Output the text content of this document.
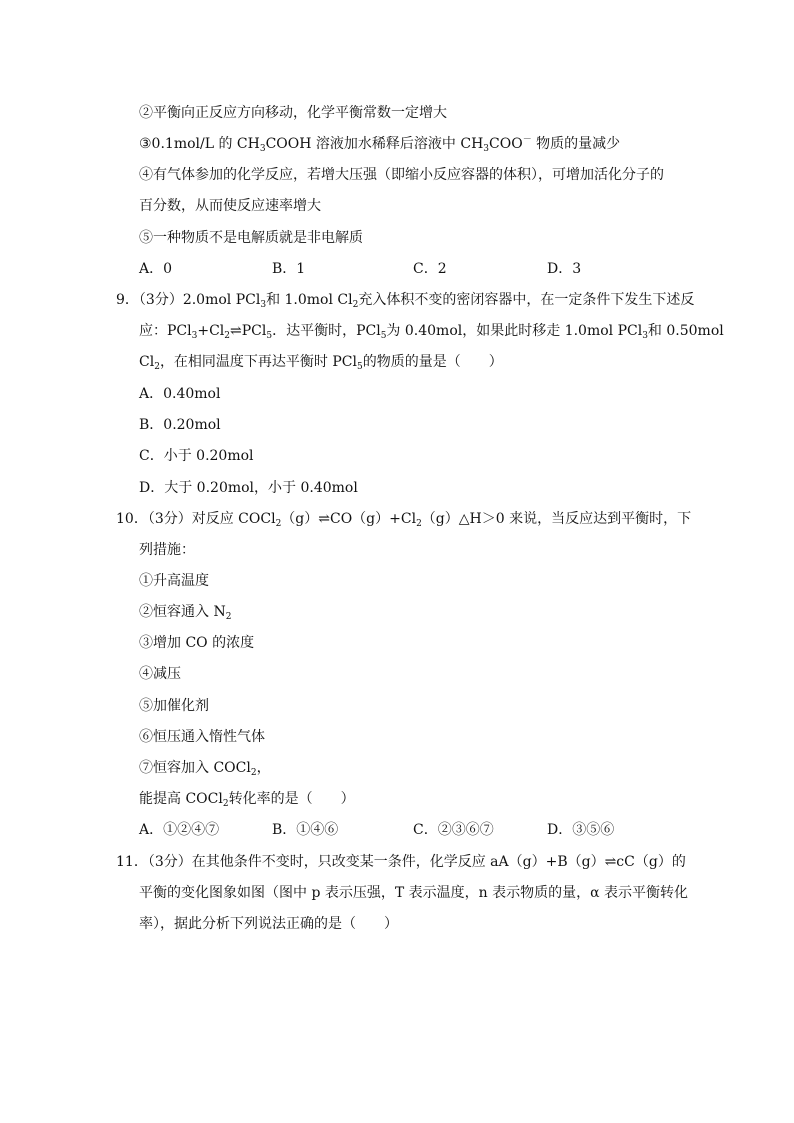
②平衡向正反应方向移动，化学平衡常数一定增大
③0.1mol/L 的 $CH_3COOH$ 溶液加水稀释后溶液中 $CH_3COO^-$ 物质的量减少
④有气体参加的化学反应，若增大压强（即缩小反应容器的体积），可增加活化分子的
百分数，从而使反应速率增大
⑤一种物质不是电解质就是非电解质
A．0	B．1	C．2	D．3
9．（3分）2.0mol PCl$_3$和 1.0mol $Cl_2$充入体积不变的密闭容器中，在一定条件下发生下述反
应：$PCl_3+Cl_2\rightleftharpoons PCl_5$．达平衡时，PCl$_5$为 0.40mol，如果此时移走 1.0mol PCl$_3$和 0.50mol
$Cl_2$，在相同温度下再达平衡时 PCl$_5$的物质的量是（　　）
A．0.40mol
B．0.20mol
C．小于 0.20mol
D．大于 0.20mol，小于 0.40mol
10．（3分）对反应 $COCl_2(g)\rightleftharpoons CO(g)+Cl_2(g)\triangle H>0$ 来说，当反应达到平衡时，下
列措施：
①升高温度
②恒容通入 $N_2$
③增加 CO 的浓度
④减压
⑤加催化剂
⑥恒压通入惰性气体
⑦恒容加入 COCl$_2$，
能提高 COCl$_2$转化率的是（　　）
A．①②④⑦	B．①④⑥	C．②③⑥⑦	D．③⑤⑥
11．（3分）在其他条件不变时，只改变某一条件，化学反应 aA（g）+B（g）⇌cC（g）的
平衡的变化图象如图（图中 p 表示压强，T 表示温度，n 表示物质的量，α 表示平衡转化
率），据此分析下列说法正确的是（　　）
